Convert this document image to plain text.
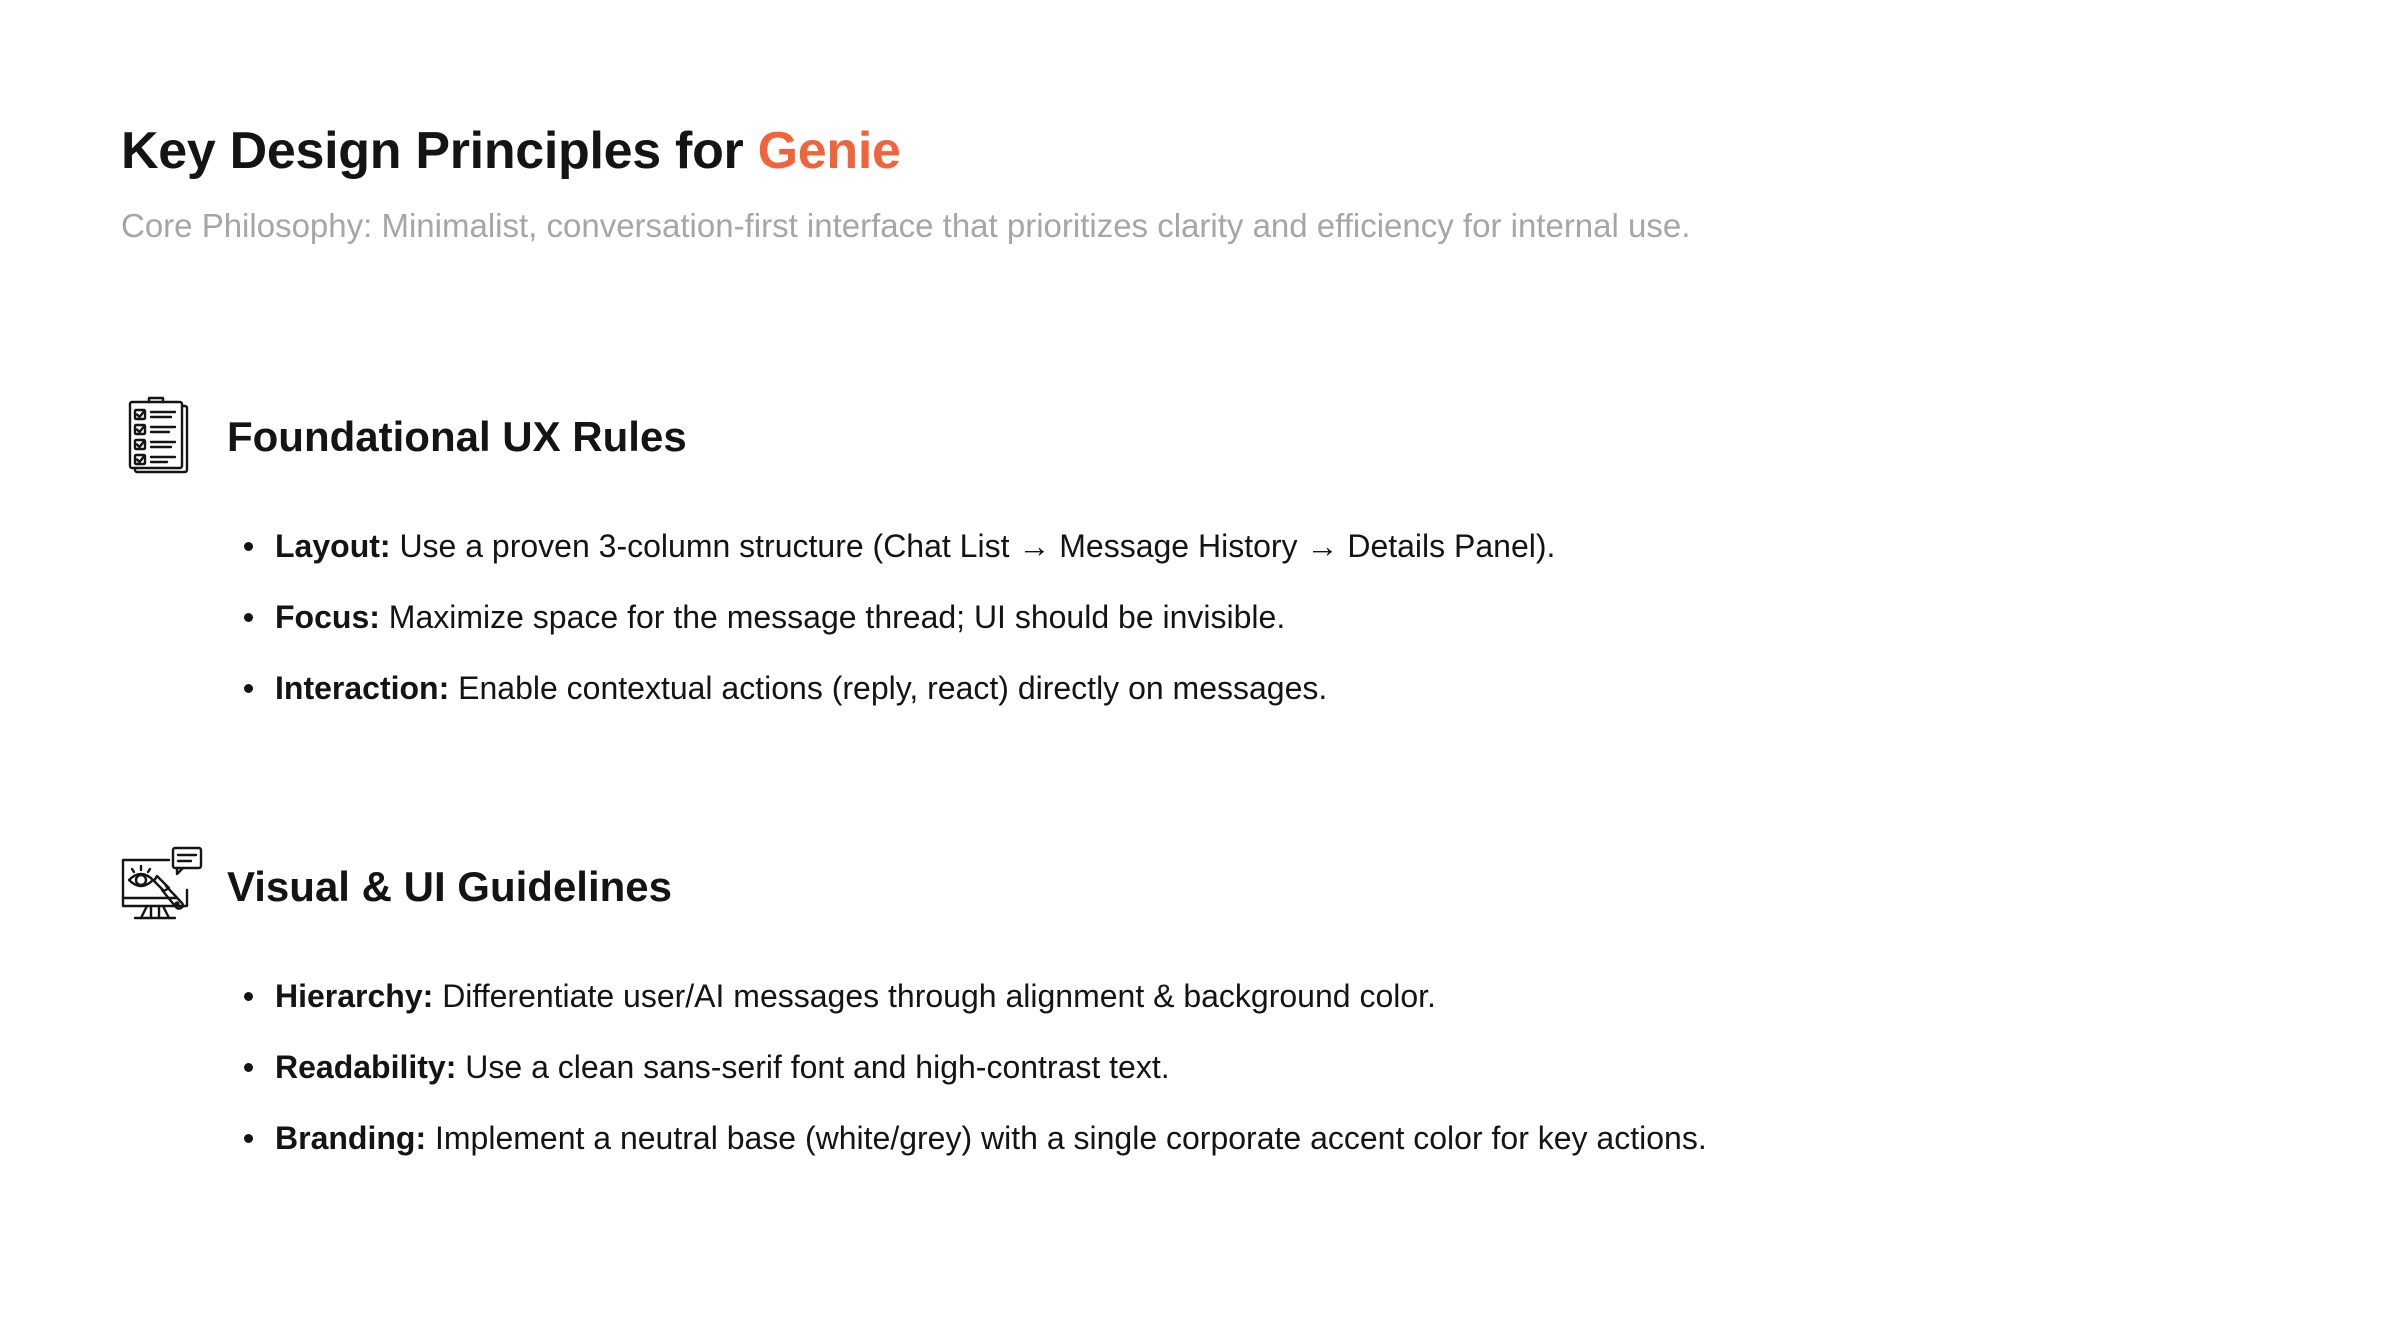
Key Design Principles for Genie

Core Philosophy: Minimalist, conversation-first interface that prioritizes clarity and efficiency for internal use.

Foundational UX Rules
Layout: Use a proven 3-column structure (Chat List → Message History → Details Panel).
Focus: Maximize space for the message thread; UI should be invisible.
Interaction: Enable contextual actions (reply, react) directly on messages.
Visual & UI Guidelines
Hierarchy: Differentiate user/AI messages through alignment & background color.
Readability: Use a clean sans-serif font and high-contrast text.
Branding: Implement a neutral base (white/grey) with a single corporate accent color for key actions.
